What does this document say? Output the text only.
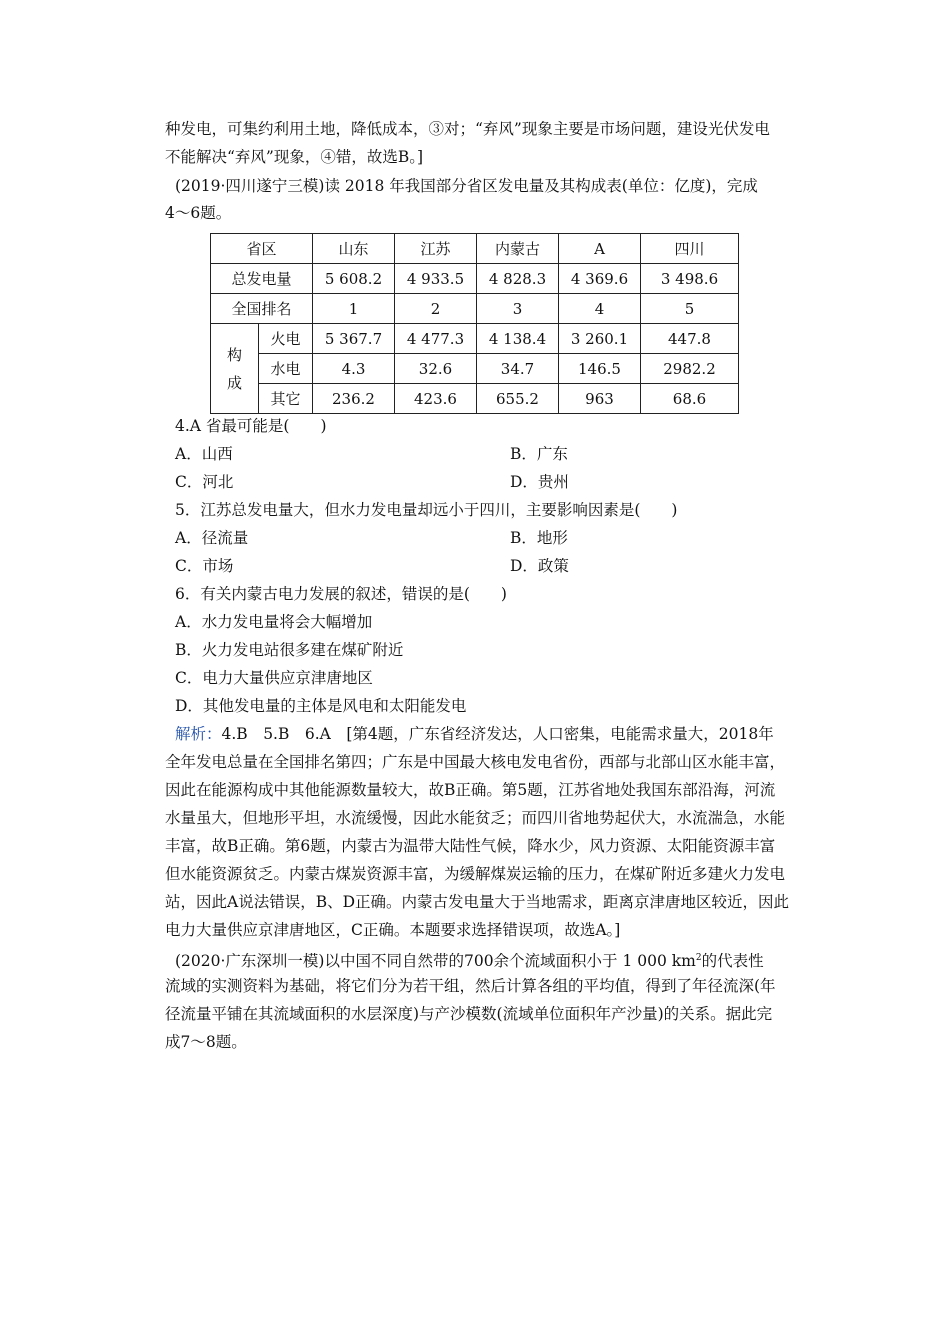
种发电，可集约利用土地，降低成本，③对；“弃风”现象主要是市场问题，建设光伏发电
不能解决“弃风”现象，④错，故选B。]
(2019·四川遂宁三模)读 2018 年我国部分省区发电量及其构成表(单位：亿度)，完成
4～6题。
省区		山东	江苏	内蒙古	A	四川
总发电量		5 608.2	4 933.5	4 828.3	4 369.6	3 498.6
全国排名		1	2	3	4	5

构
成	火电	5 367.7	4 477.3	4 138.4	3 260.1	447.8
	水电	4.3	32.6	34.7	146.5	2982.2
	其它	236.2	423.6	655.2	963	68.6
4.A 省最可能是(　　)
A．山西	B．广东
C．河北	D．贵州
5．江苏总发电量大，但水力发电量却远小于四川，主要影响因素是(　　)
A．径流量	B．地形
C．市场	D．政策
6．有关内蒙古电力发展的叙述，错误的是(　　)
A．水力发电量将会大幅增加
B．火力发电站很多建在煤矿附近
C．电力大量供应京津唐地区
D．其他发电量的主体是风电和太阳能发电
解析：4.B　5.B　6.A　[第4题，广东省经济发达，人口密集，电能需求量大，2018年
全年发电总量在全国排名第四；广东是中国最大核电发电省份，西部与北部山区水能丰富，
因此在能源构成中其他能源数量较大，故B正确。第5题，江苏省地处我国东部沿海，河流
水量虽大，但地形平坦，水流缓慢，因此水能贫乏；而四川省地势起伏大，水流湍急，水能
丰富，故B正确。第6题，内蒙古为温带大陆性气候，降水少，风力资源、太阳能资源丰富
但水能资源贫乏。内蒙古煤炭资源丰富，为缓解煤炭运输的压力，在煤矿附近多建火力发电
站，因此A说法错误，B、D正确。内蒙古发电量大于当地需求，距离京津唐地区较近，因此
电力大量供应京津唐地区，C正确。本题要求选择错误项，故选A。]
(2020·广东深圳一模)以中国不同自然带的700余个流域面积小于 1 000 $km^2$的代表性
流域的实测资料为基础，将它们分为若干组，然后计算各组的平均值，得到了年径流深(年
径流量平铺在其流域面积的水层深度)与产沙模数(流域单位面积年产沙量)的关系。据此完
成7～8题。
